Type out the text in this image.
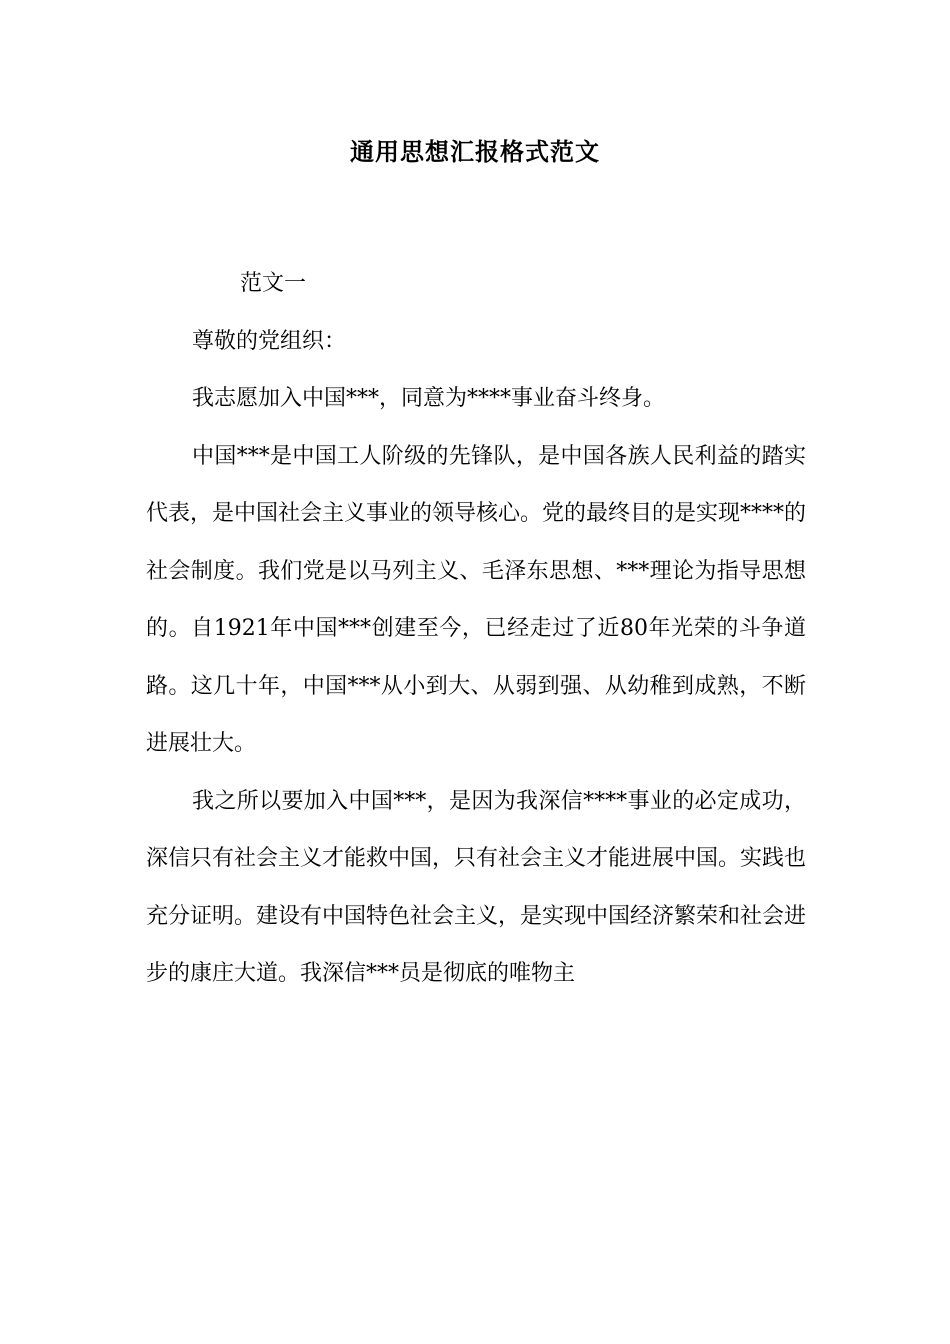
通用思想汇报格式范文

范文一

尊敬的党组织：

我志愿加入中国***，同意为****事业奋斗终身。

中国***是中国工人阶级的先锋队，是中国各族人民利益的踏实代表，是中国社会主义事业的领导核心。党的最终目的是实现****的社会制度。我们党是以马列主义、毛泽东思想、***理论为指导思想的。自1921年中国***创建至今，已经走过了近80年光荣的斗争道路。这几十年，中国***从小到大、从弱到强、从幼稚到成熟，不断进展壮大。

我之所以要加入中国***，是因为我深信****事业的必定成功，深信只有社会主义才能救中国，只有社会主义才能进展中国。实践也充分证明。建设有中国特色社会主义，是实现中国经济繁荣和社会进步的康庄大道。我深信***员是彻底的唯物主
